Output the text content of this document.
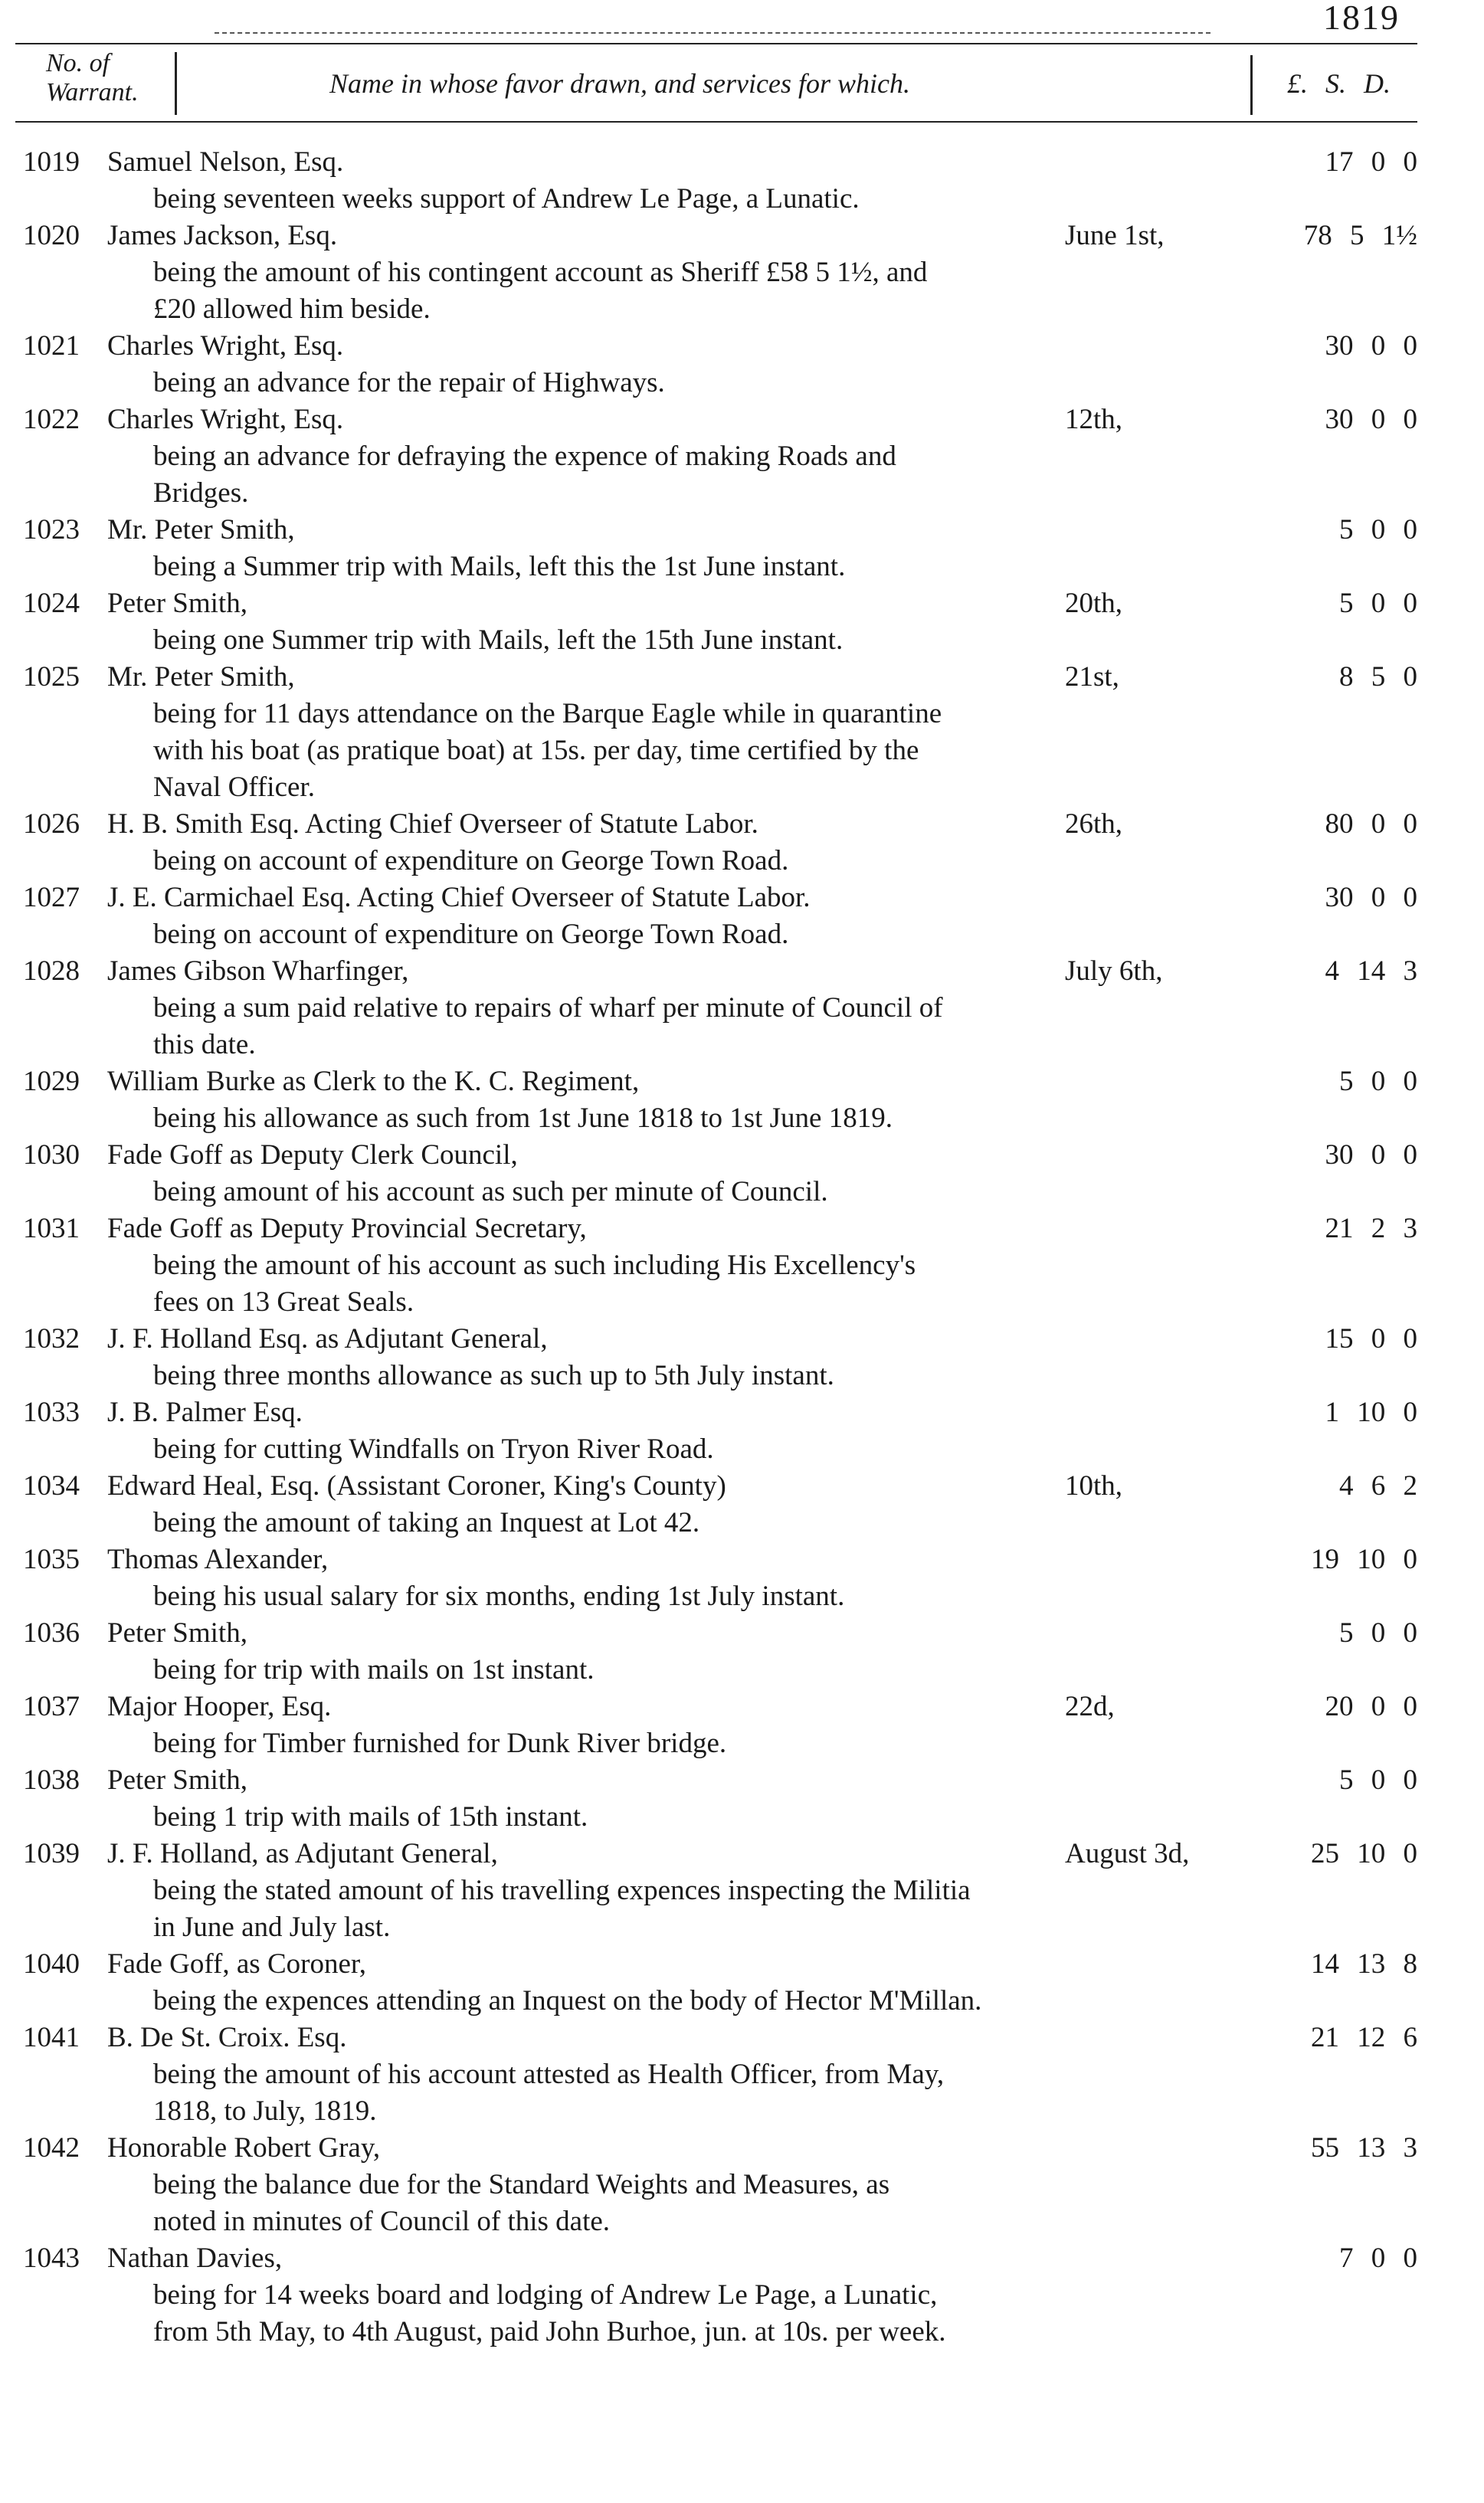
1819
No. of
Warrant.	Name in whose favor drawn, and services for which.	£. S. D.
1019 Samuel Nelson, Esq.	17 0 0
being seventeen weeks support of Andrew Le Page, a Lunatic.
1020 James Jackson, Esq.	June 1st,	78 5 1½
being the amount of his contingent account as Sheriff £58 5 1½, and
£20 allowed him beside.
1021 Charles Wright, Esq.	30 0 0
being an advance for the repair of Highways.
1022 Charles Wright, Esq.	12th,	30 0 0
being an advance for defraying the expence of making Roads and
Bridges.
1023 Mr. Peter Smith,	5 0 0
being a Summer trip with Mails, left this the 1st June instant.
1024 Peter Smith,	20th,	5 0 0
being one Summer trip with Mails, left the 15th June instant.
1025 Mr. Peter Smith,	21st,	8 5 0
being for 11 days attendance on the Barque Eagle while in quarantine
with his boat (as pratique boat) at 15s. per day, time certified by the
Naval Officer.
1026 H. B. Smith Esq. Acting Chief Overseer of Statute Labor.	26th,	80 0 0
being on account of expenditure on George Town Road.
1027 J. E. Carmichael Esq. Acting Chief Overseer of Statute Labor.	30 0 0
being on account of expenditure on George Town Road.
1028 James Gibson Wharfinger,	July 6th,	4 14 3
being a sum paid relative to repairs of wharf per minute of Council of
this date.
1029 William Burke as Clerk to the K. C. Regiment,	5 0 0
being his allowance as such from 1st June 1818 to 1st June 1819.
1030 Fade Goff as Deputy Clerk Council,	30 0 0
being amount of his account as such per minute of Council.
1031 Fade Goff as Deputy Provincial Secretary,	21 2 3
being the amount of his account as such including His Excellency's
fees on 13 Great Seals.
1032 J. F. Holland Esq. as Adjutant General,	15 0 0
being three months allowance as such up to 5th July instant.
1033 J. B. Palmer Esq.	1 10 0
being for cutting Windfalls on Tryon River Road.
1034 Edward Heal, Esq. (Assistant Coroner, King's County)	10th,	4 6 2
being the amount of taking an Inquest at Lot 42.
1035 Thomas Alexander,	19 10 0
being his usual salary for six months, ending 1st July instant.
1036 Peter Smith,	5 0 0
being for trip with mails on 1st instant.
1037 Major Hooper, Esq.	22d,	20 0 0
being for Timber furnished for Dunk River bridge.
1038 Peter Smith,	5 0 0
being 1 trip with mails of 15th instant.
1039 J. F. Holland, as Adjutant General,	August 3d,	25 10 0
being the stated amount of his travelling expences inspecting the Militia
in June and July last.
1040 Fade Goff, as Coroner,	14 13 8
being the expences attending an Inquest on the body of Hector M'Millan.
1041 B. De St. Croix. Esq.	21 12 6
being the amount of his account attested as Health Officer, from May,
1818, to July, 1819.
1042 Honorable Robert Gray,	55 13 3
being the balance due for the Standard Weights and Measures, as
noted in minutes of Council of this date.
1043 Nathan Davies,	7 0 0
being for 14 weeks board and lodging of Andrew Le Page, a Lunatic,
from 5th May, to 4th August, paid John Burhoe, jun. at 10s. per week.
